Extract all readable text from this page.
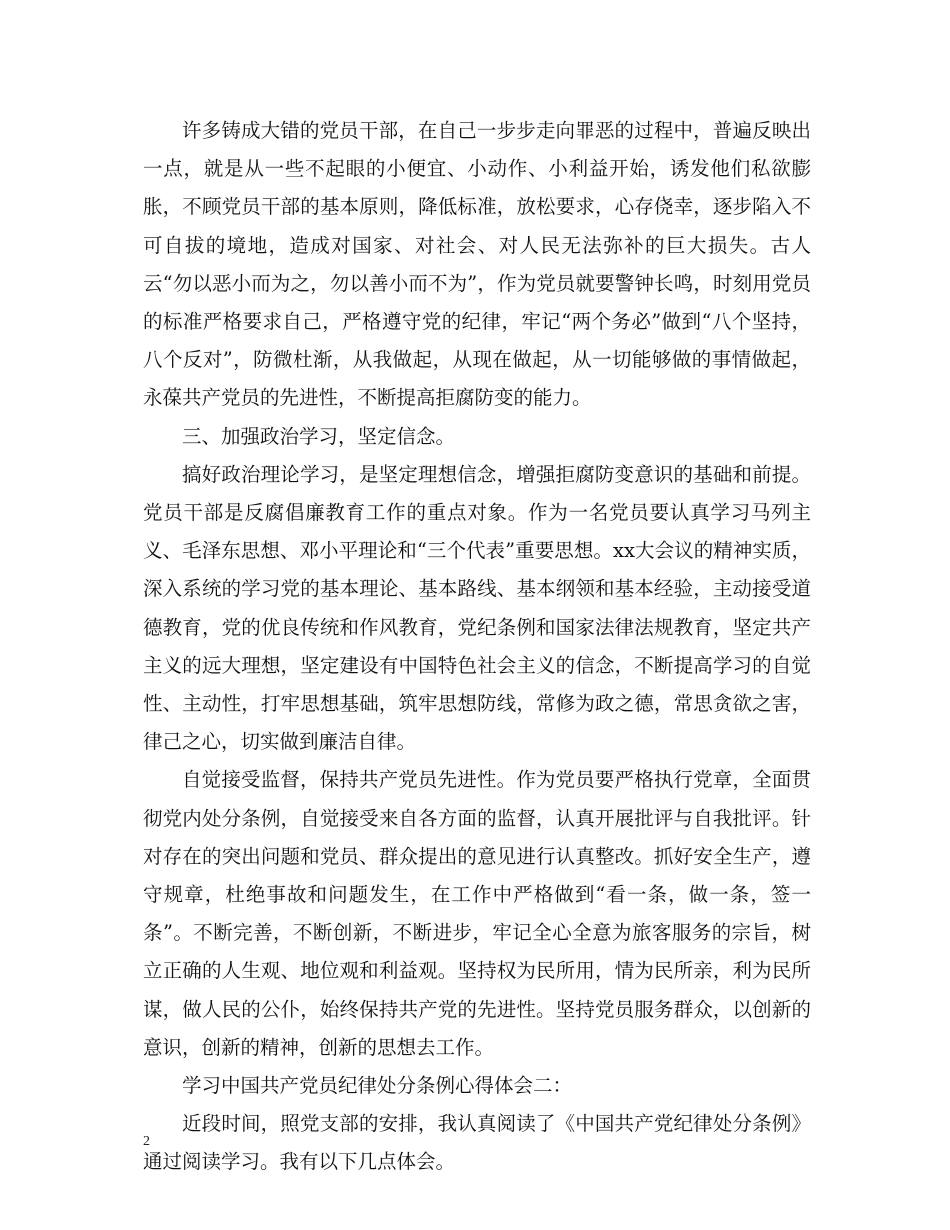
许多铸成大错的党员干部，在自己一步步走向罪恶的过程中，普遍反映出一点，就是从一些不起眼的小便宜、小动作、小利益开始，诱发他们私欲膨胀，不顾党员干部的基本原则，降低标准，放松要求，心存侥幸，逐步陷入不可自拔的境地，造成对国家、对社会、对人民无法弥补的巨大损失。古人云“勿以恶小而为之，勿以善小而不为”，作为党员就要警钟长鸣，时刻用党员的标准严格要求自己，严格遵守党的纪律，牢记“两个务必”做到“八个坚持，八个反对”，防微杜渐，从我做起，从现在做起，从一切能够做的事情做起，永葆共产党员的先进性，不断提高拒腐防变的能力。

三、加强政治学习，坚定信念。

搞好政治理论学习，是坚定理想信念，增强拒腐防变意识的基础和前提。党员干部是反腐倡廉教育工作的重点对象。作为一名党员要认真学习马列主义、毛泽东思想、邓小平理论和“三个代表”重要思想。xx大会议的精神实质，深入系统的学习党的基本理论、基本路线、基本纲领和基本经验，主动接受道德教育，党的优良传统和作风教育，党纪条例和国家法律法规教育，坚定共产主义的远大理想，坚定建设有中国特色社会主义的信念，不断提高学习的自觉性、主动性，打牢思想基础，筑牢思想防线，常修为政之德，常思贪欲之害，律己之心，切实做到廉洁自律。

自觉接受监督，保持共产党员先进性。作为党员要严格执行党章，全面贯彻党内处分条例，自觉接受来自各方面的监督，认真开展批评与自我批评。针对存在的突出问题和党员、群众提出的意见进行认真整改。抓好安全生产，遵守规章，杜绝事故和问题发生，在工作中严格做到“看一条，做一条，签一条”。不断完善，不断创新，不断进步，牢记全心全意为旅客服务的宗旨，树立正确的人生观、地位观和利益观。坚持权为民所用，情为民所亲，利为民所谋，做人民的公仆，始终保持共产党的先进性。坚持党员服务群众，以创新的意识，创新的精神，创新的思想去工作。

学习中国共产党员纪律处分条例心得体会二：

近段时间，照党支部的安排，我认真阅读了《中国共产党纪律处分条例》通过阅读学习。我有以下几点体会。

2
